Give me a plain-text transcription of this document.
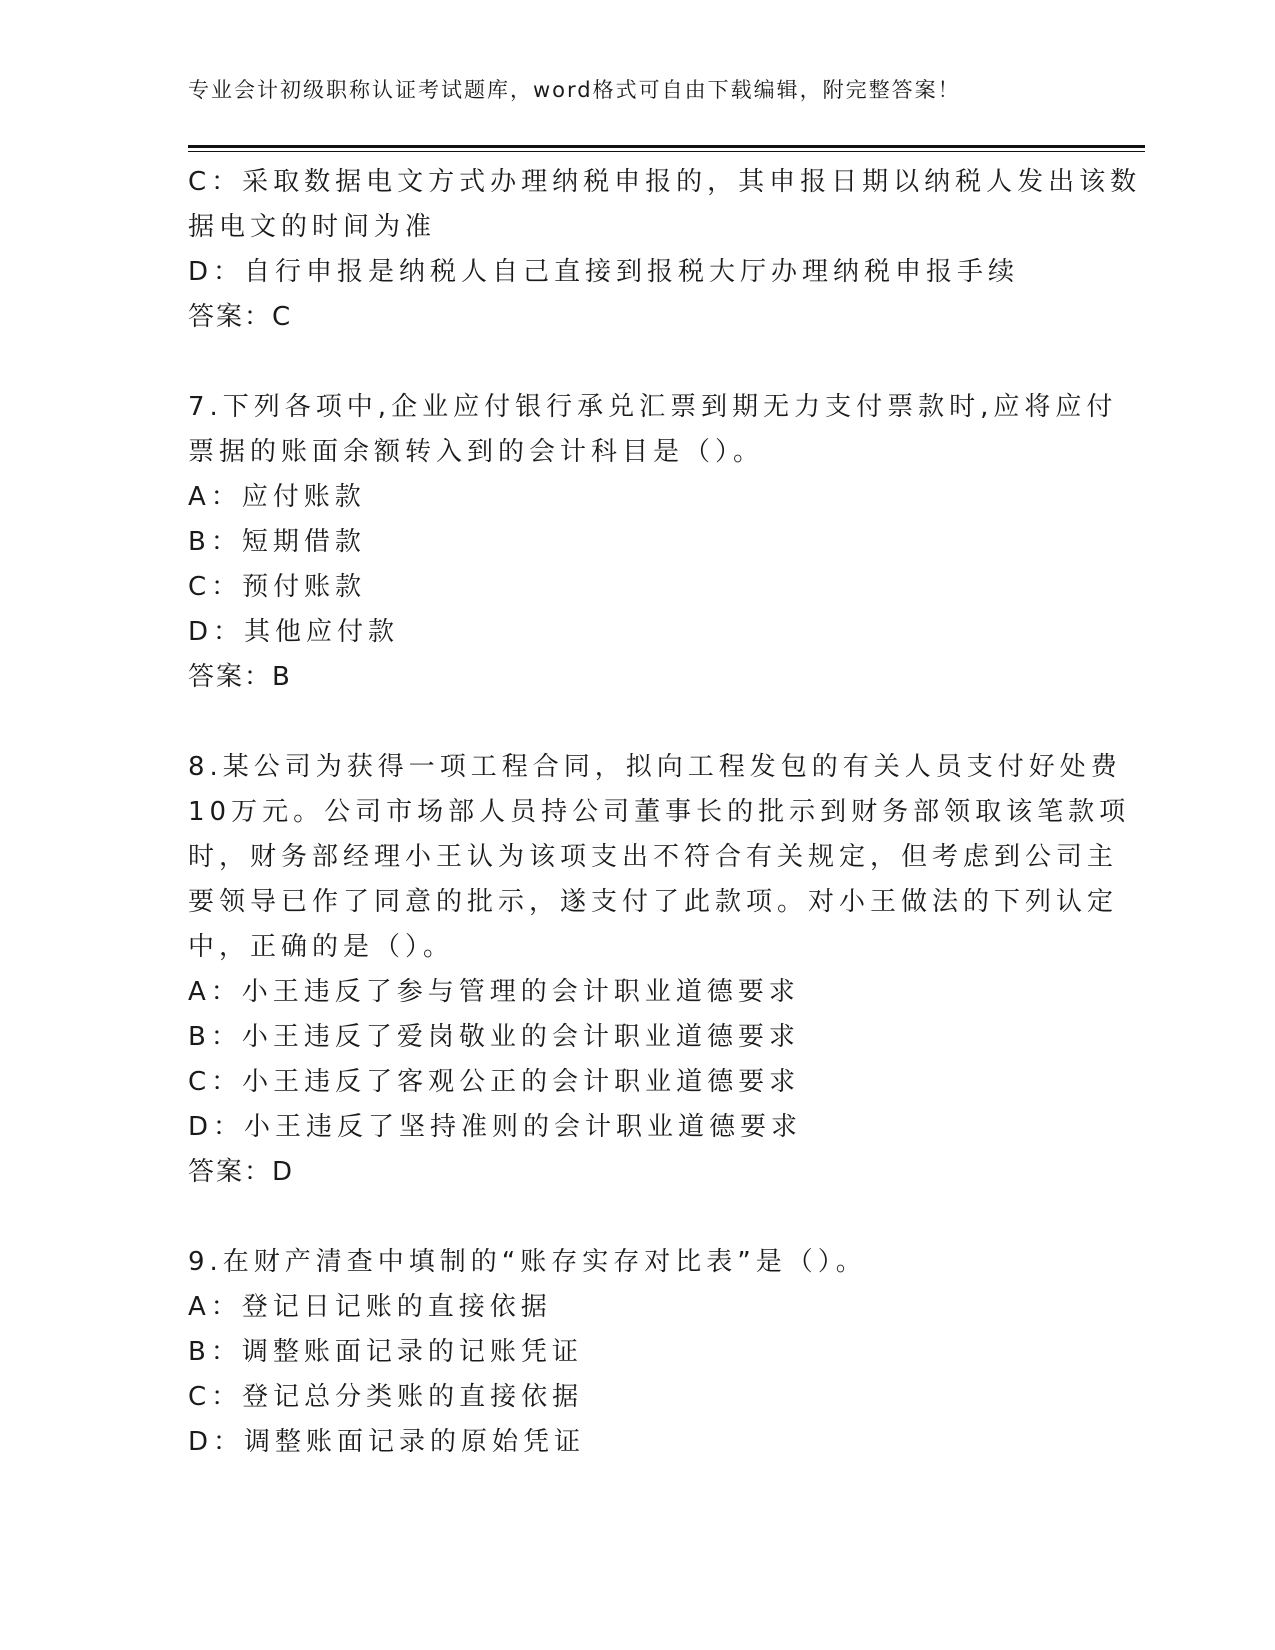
专业会计初级职称认证考试题库，word格式可自由下载编辑，附完整答案！
C：采取数据电文方式办理纳税申报的，其申报日期以纳税人发出该数
据电文的时间为准
D：自行申报是纳税人自己直接到报税大厅办理纳税申报手续
答案：C
7.下列各项中,企业应付银行承兑汇票到期无力支付票款时,应将应付
票据的账面余额转入到的会计科目是（）。
A：应付账款
B：短期借款
C：预付账款
D：其他应付款
答案：B
8.某公司为获得一项工程合同，拟向工程发包的有关人员支付好处费
10万元。公司市场部人员持公司董事长的批示到财务部领取该笔款项
时，财务部经理小王认为该项支出不符合有关规定，但考虑到公司主
要领导已作了同意的批示，遂支付了此款项。对小王做法的下列认定
中，正确的是（）。
A：小王违反了参与管理的会计职业道德要求
B：小王违反了爱岗敬业的会计职业道德要求
C：小王违反了客观公正的会计职业道德要求
D：小王违反了坚持准则的会计职业道德要求
答案：D
9.在财产清查中填制的“账存实存对比表”是（）。
A：登记日记账的直接依据
B：调整账面记录的记账凭证
C：登记总分类账的直接依据
D：调整账面记录的原始凭证
